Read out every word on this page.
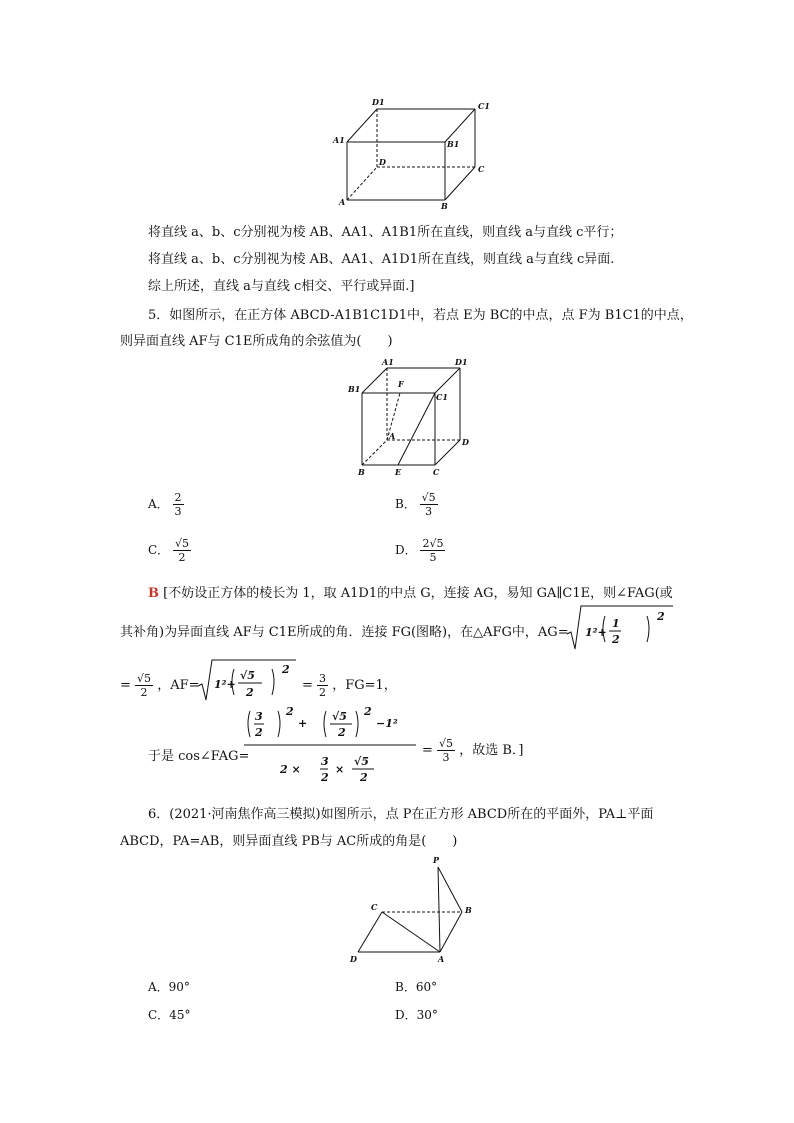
D1	C1
A1	B1
D
C
A	B
将直线 a、b、c分别视为棱 AB、AA1、A1B1所在直线，则直线 a与直线 c平行；
将直线 a、b、c分别视为棱 AB、AA1、A1D1所在直线，则直线 a与直线 c异面.
综上所述，直线 a与直线 c相交、平行或异面.]
5．如图所示，在正方体 ABCD-A1B1C1D1中，若点 E为 BC的中点，点 F为 B1C1的中点，
则异面直线 AF与 C1E所成角的余弦值为(　　)
A1	D1
B1	F
C1
A
D
B	E	C
A． $\frac{2}{3}$	B． $\frac{√5}{3}$
C． $\frac{√5}{2}$	D． $\frac{2√5}{5}$
B [不妨设正方体的棱长为 1，取 A1D1的中点 G，连接 AG，易知 GA∥C1E，则∠FAG(或
其补角)为异面直线 AF与 C1E所成的角．连接 FG(图略)，在△AFG中，AG= 1²+
1
2
2
= $\frac{√5}{2}$ ，AF= 1²+
√5
2
2
= $\frac{3}{2}$ ，FG=1，
于是 cos∠FAG=
3
2
2
+
√5
2
2
−1²
2 ×
3
2
×
√5
2
= $\frac{√5}{3}$ ，故选 B．]
6．(2021·河南焦作高三模拟)如图所示，点 P在正方形 ABCD所在的平面外，PA⊥平面
ABCD，PA=AB，则异面直线 PB与 AC所成的角是(　　)
P
C	B
D	A
A．90°	B．60°
C．45°	D．30°
